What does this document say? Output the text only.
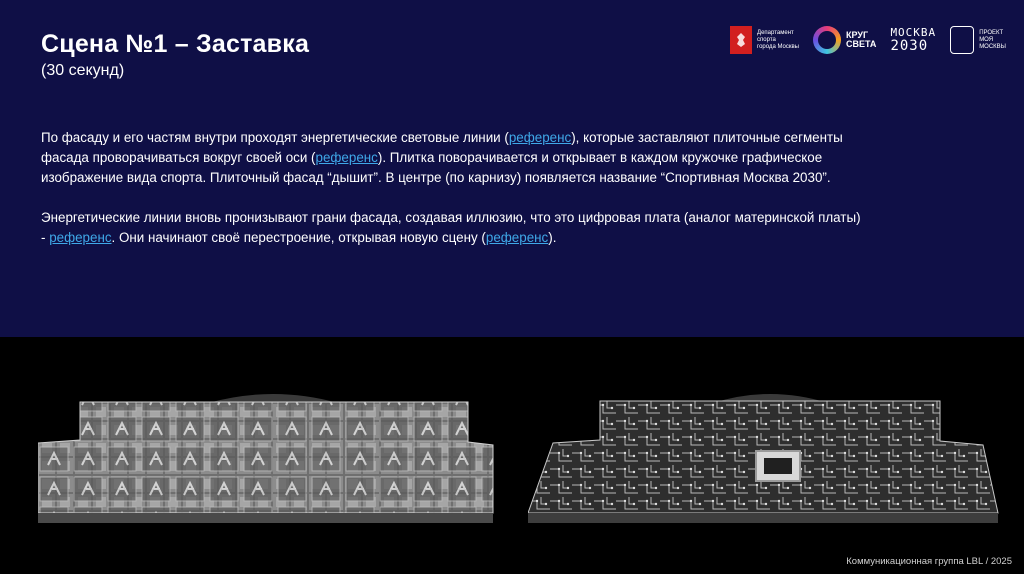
Сцена №1 – Заставка
(30 секунд)
Департамент
спорта
города Москвы
КРУГ
СВЕТА
МОСКВА
2030
ПРОЕКТ
МОЯ
МОСКВЫ

По фасаду и его частям внутри проходят энергетические световые линии (референс), которые заставляют плиточные сегменты фасада проворачиваться вокруг своей оси (референс). Плитка поворачивается и открывает в каждом кружочке графическое изображение вида спорта. Плиточный фасад “дышит”. В центре (по карнизу) появляется название “Спортивная Москва 2030”.

Энергетические линии вновь пронизывают грани фасада, создавая иллюзию, что это цифровая плата (аналог материнской платы) - референс. Они начинают своё перестроение, открывая новую сцену (референс).

Коммуникационная группа LBL / 2025
